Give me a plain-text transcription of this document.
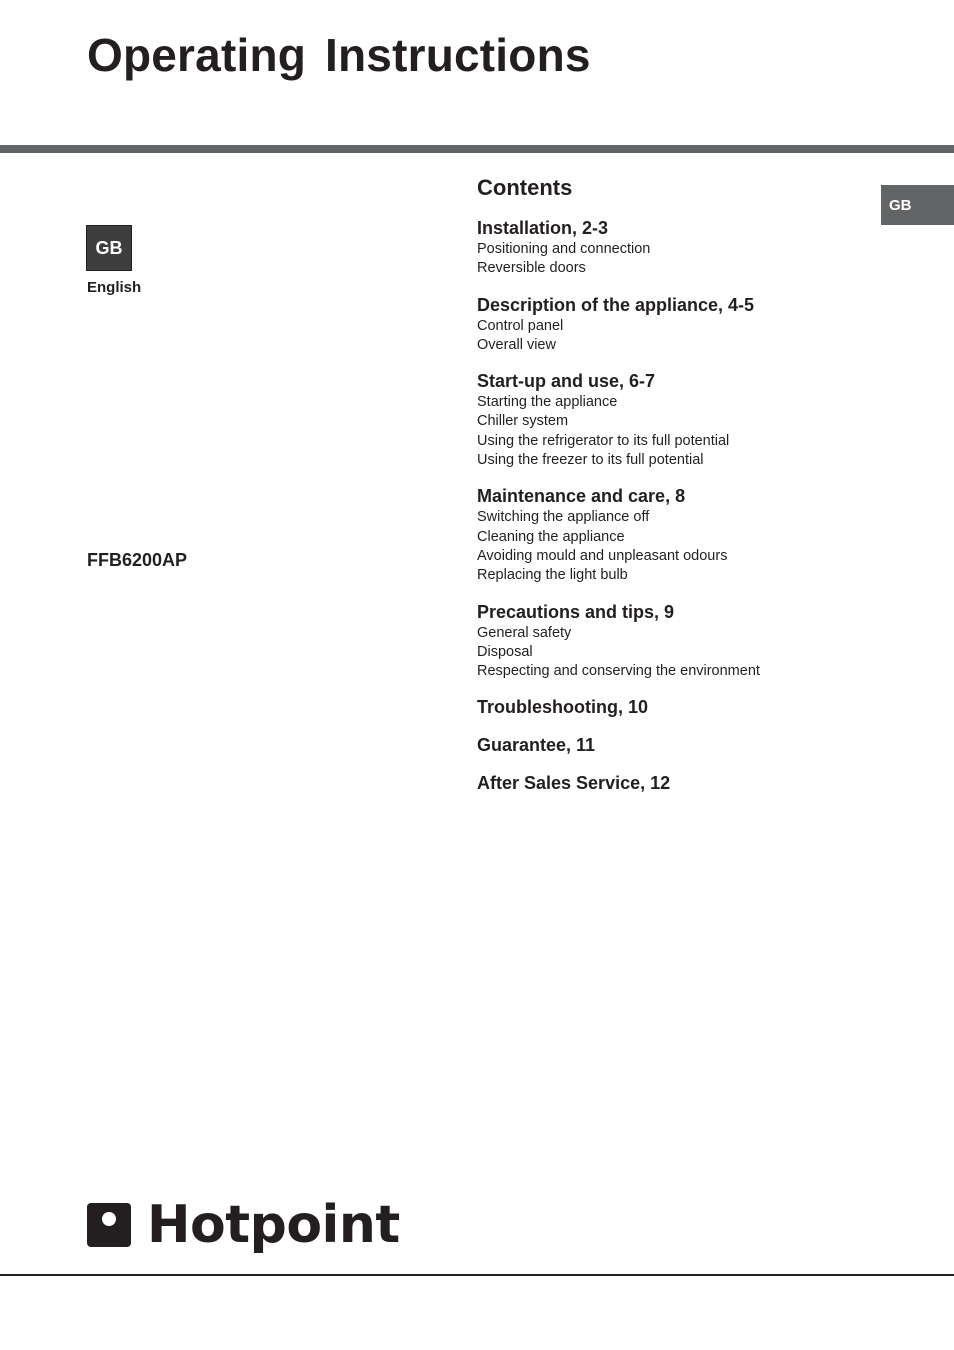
Operating Instructions
GB
English
FFB6200AP
GB
Contents
Installation, 2-3
Positioning and connection
Reversible doors
Description of the appliance, 4-5
Control panel
Overall view
Start-up and use, 6-7
Starting the appliance
Chiller system
Using the refrigerator to its full potential
Using the freezer to its full potential
Maintenance and care, 8
Switching the appliance off
Cleaning the appliance
Avoiding mould and unpleasant odours
Replacing the light bulb
Precautions and tips, 9
General safety
Disposal
Respecting and conserving the environment
Troubleshooting, 10
Guarantee, 11
After Sales Service, 12
Hotpoint
